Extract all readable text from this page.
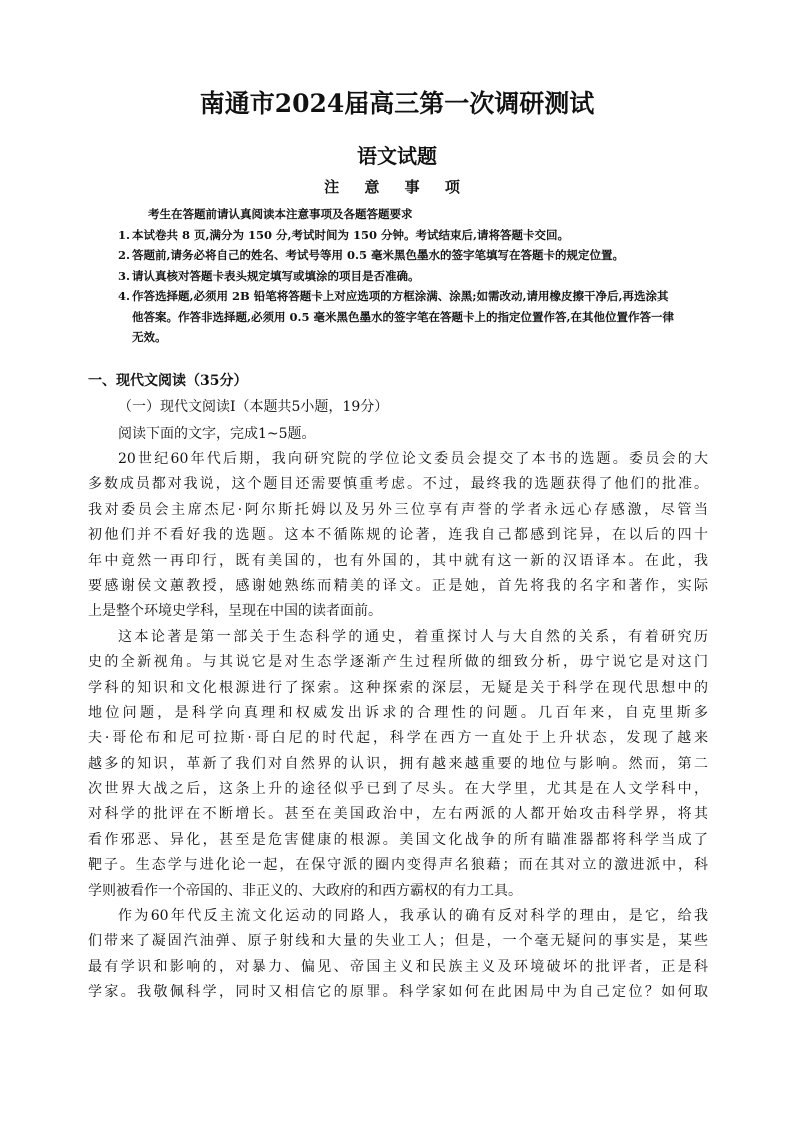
南通市2024届高三第一次调研测试
语文试题
注 意 事 项
考生在答题前请认真阅读本注意事项及各题答题要求
1. 本试卷共 8 页,满分为 150 分,考试时间为 150 分钟。考试结束后,请将答题卡交回。
2. 答题前,请务必将自己的姓名、考试号等用 0.5 毫米黑色墨水的签字笔填写在答题卡的规定位置。
3. 请认真核对答题卡表头规定填写或填涂的项目是否准确。
4. 作答选择题,必须用 2B 铅笔将答题卡上对应选项的方框涂满、涂黑;如需改动,请用橡皮擦干净后,再选涂其他答案。作答非选择题,必须用 0.5 毫米黑色墨水的签字笔在答题卡上的指定位置作答,在其他位置作答一律无效。
一、现代文阅读（35分）
（一）现代文阅读Ⅰ（本题共5小题，19分）
阅读下面的文字，完成1~5题。
20世纪60年代后期，我向研究院的学位论文委员会提交了本书的选题。委员会的大
多数成员都对我说，这个题目还需要慎重考虑。不过，最终我的选题获得了他们的批准。
我对委员会主席杰尼·阿尔斯托姆以及另外三位享有声誉的学者永远心存感激，尽管当
初他们并不看好我的选题。这本不循陈规的论著，连我自己都感到诧异，在以后的四十
年中竟然一再印行，既有美国的，也有外国的，其中就有这一新的汉语译本。在此，我
要感谢侯文蕙教授，感谢她熟练而精美的译文。正是她，首先将我的名字和著作，实际
上是整个环境史学科，呈现在中国的读者面前。
这本论著是第一部关于生态科学的通史，着重探讨人与大自然的关系，有着研究历
史的全新视角。与其说它是对生态学逐渐产生过程所做的细致分析，毋宁说它是对这门
学科的知识和文化根源进行了探索。这种探索的深层，无疑是关于科学在现代思想中的
地位问题，是科学向真理和权威发出诉求的合理性的问题。几百年来，自克里斯多
夫·哥伦布和尼可拉斯·哥白尼的时代起，科学在西方一直处于上升状态，发现了越来
越多的知识，革新了我们对自然界的认识，拥有越来越重要的地位与影响。然而，第二
次世界大战之后，这条上升的途径似乎已到了尽头。在大学里，尤其是在人文学科中，
对科学的批评在不断增长。甚至在美国政治中，左右两派的人都开始攻击科学界，将其
看作邪恶、异化，甚至是危害健康的根源。美国文化战争的所有瞄准器都将科学当成了
靶子。生态学与进化论一起，在保守派的圈内变得声名狼藉；而在其对立的激进派中，科
学则被看作一个帝国的、非正义的、大政府的和西方霸权的有力工具。
作为60年代反主流文化运动的同路人，我承认的确有反对科学的理由，是它，给我
们带来了凝固汽油弹、原子射线和大量的失业工人；但是，一个毫无疑问的事实是，某些
最有学识和影响的，对暴力、偏见、帝国主义和民族主义及环境破坏的批评者，正是科
学家。我敬佩科学，同时又相信它的原罪。科学家如何在此困局中为自己定位？如何取
